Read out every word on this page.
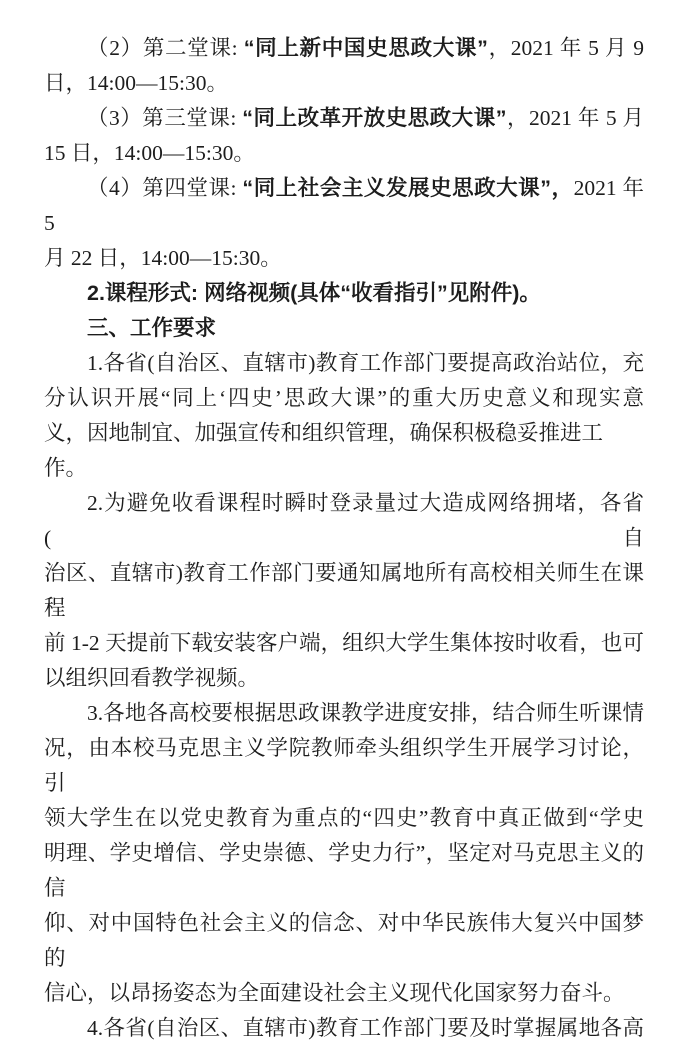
（2）第二堂课: “同上新中国史思政大课”，2021 年 5 月 9
日，14:00—15:30。
（3）第三堂课: “同上改革开放史思政大课”，2021 年 5 月
15 日，14:00—15:30。
（4）第四堂课: “同上社会主义发展史思政大课”，2021 年 5
月 22 日，14:00—15:30。
2.课程形式: 网络视频(具体“收看指引”见附件)。
三、工作要求
1.各省(自治区、直辖市)教育工作部门要提高政治站位，充
分认识开展“同上‘四史’思政大课”的重大历史意义和现实意
义，因地制宜、加强宣传和组织管理，确保积极稳妥推进工作。
2.为避免收看课程时瞬时登录量过大造成网络拥堵，各省(自
治区、直辖市)教育工作部门要通知属地所有高校相关师生在课程
前 1-2 天提前下载安装客户端，组织大学生集体按时收看，也可
以组织回看教学视频。
3.各地各高校要根据思政课教学进度安排，结合师生听课情
况，由本校马克思主义学院教师牵头组织学生开展学习讨论，引
领大学生在以党史教育为重点的“四史”教育中真正做到“学史
明理、学史增信、学史崇德、学史力行”，坚定对马克思主义的信
仰、对中国特色社会主义的信念、对中华民族伟大复兴中国梦的
信心，以昂扬姿态为全面建设社会主义现代化国家努力奋斗。
4.各省(自治区、直辖市)教育工作部门要及时掌握属地各高
